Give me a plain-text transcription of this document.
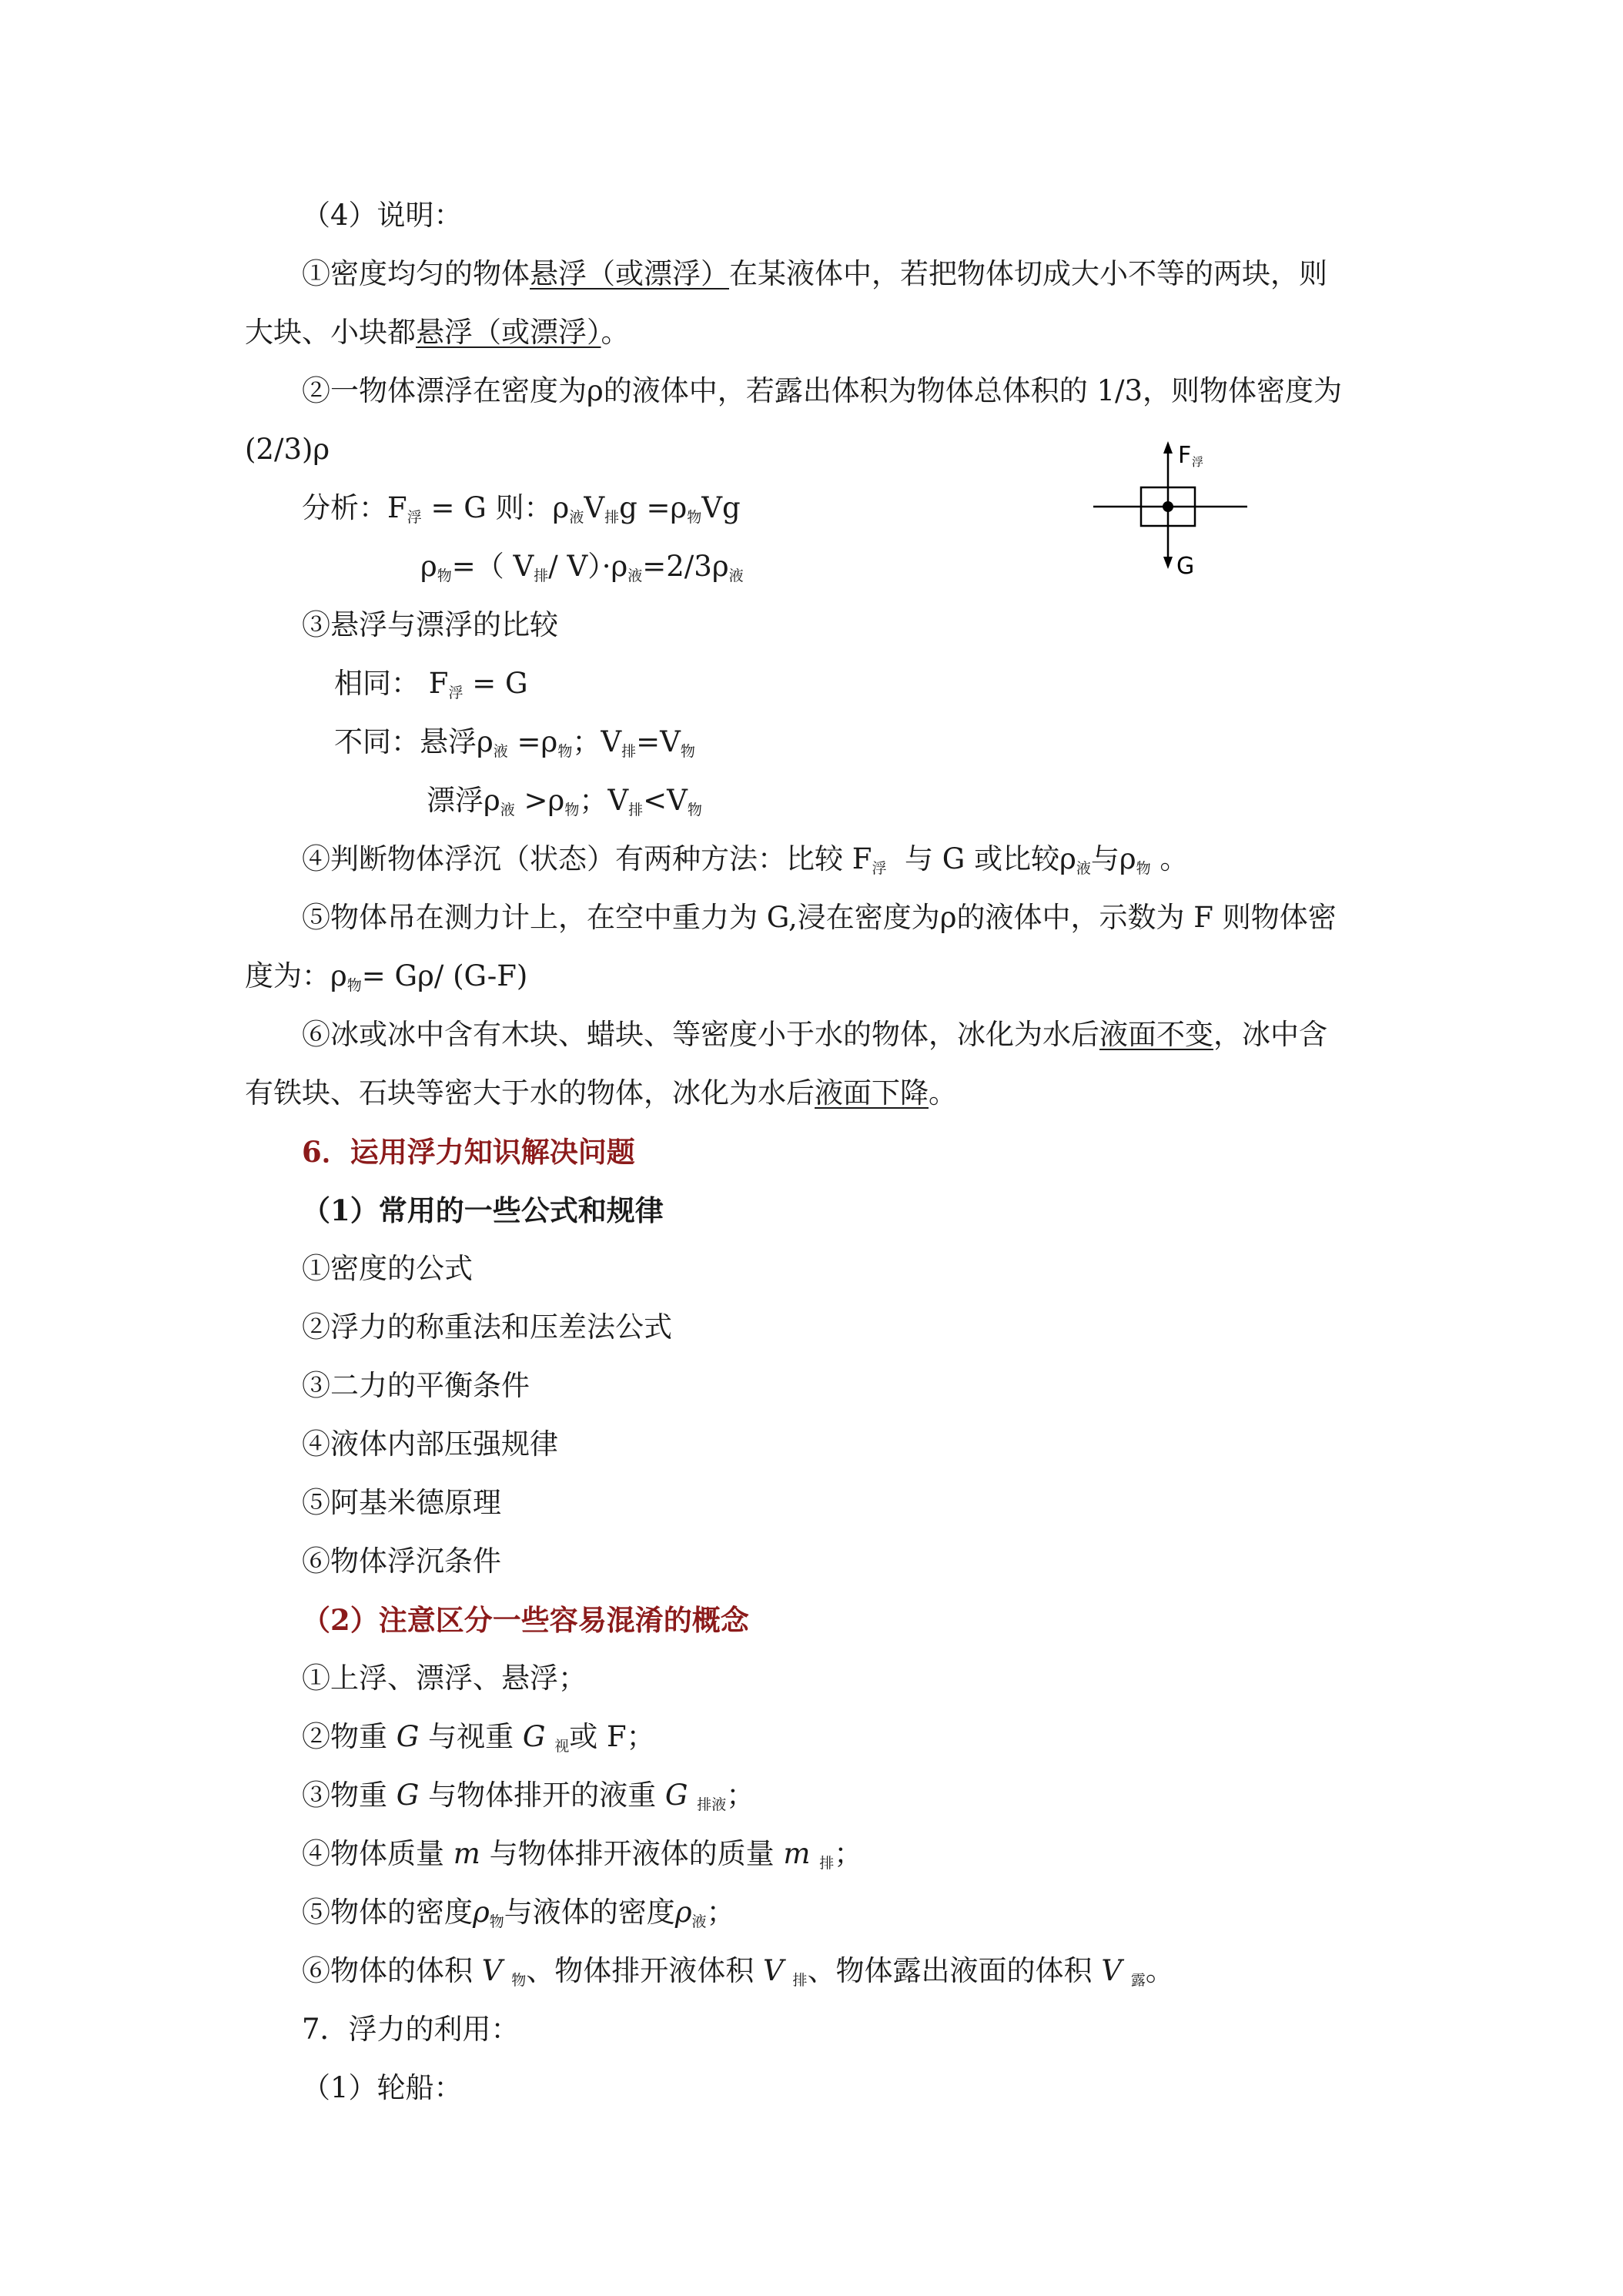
（4）说明：
①密度均匀的物体悬浮（或漂浮）在某液体中，若把物体切成大小不等的两块，则
大块、小块都悬浮（或漂浮）。
②一物体漂浮在密度为ρ的液体中，若露出体积为物体总体积的 1/3，则物体密度为
(2/3)ρ
分析：$F_浮 = G$ 则：$\rho_液V_排g =\rho_物Vg$
$\rho_物=$（ $V_排/$ $V)\cdot\rho_液=2/3\rho_液$
③悬浮与漂浮的比较
相同： $F_浮 = G$
不同：悬浮$\rho_液 =\rho_物$；$V_排=V_物$
漂浮$\rho_液 >\rho_物$；$V_排<V_物$
④判断物体浮沉（状态）有两种方法：比较 $F_浮$ 与 G 或比较$\rho_液$与$\rho_物$ 。
⑤物体吊在测力计上，在空中重力为 G,浸在密度为ρ的液体中，示数为 F 则物体密
度为：$\rho_物= G\rho/$ (G-F)
⑥冰或冰中含有木块、蜡块、等密度小于水的物体，冰化为水后液面不变，冰中含
有铁块、石块等密大于水的物体，冰化为水后液面下降。
6．运用浮力知识解决问题
（1）常用的一些公式和规律
①密度的公式
②浮力的称重法和压差法公式
③二力的平衡条件
④液体内部压强规律
⑤阿基米德原理
⑥物体浮沉条件
（2）注意区分一些容易混淆的概念
①上浮、漂浮、悬浮；
②物重 G 与视重 G $_视$或 F；
③物重 G 与物体排开的液重 G $_{排液}$；
④物体质量 m 与物体排开液体的质量 m $_排$；
⑤物体的密度$\rho_物$与液体的密度$\rho_液$；
⑥物体的体积 V $_物$、物体排开液体积 V $_排$、物体露出液面的体积 V $_露$。
7．浮力的利用：
（1）轮船：
F 浮
G
